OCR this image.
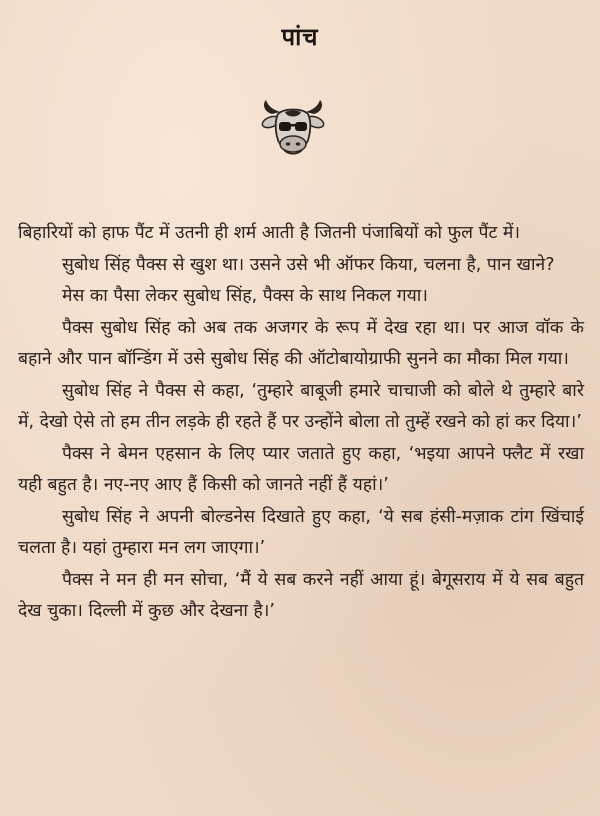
पांच

बिहारियों को हाफ पैंट में उतनी ही शर्म आती है जितनी पंजाबियों को फुल पैंट में।

सुबोध सिंह पैक्स से खुश था। उसने उसे भी ऑफर किया, चलना है, पान खाने?

मेस का पैसा लेकर सुबोध सिंह, पैक्स के साथ निकल गया।

पैक्स सुबोध सिंह को अब तक अजगर के रूप में देख रहा था। पर आज वॉक के बहाने और पान बॉन्डिंग में उसे सुबोध सिंह की ऑटोबायोग्राफी सुनने का मौका मिल गया।

सुबोध सिंह ने पैक्स से कहा, ‘तुम्हारे बाबूजी हमारे चाचाजी को बोले थे तुम्हारे बारे में, देखो ऐसे तो हम तीन लड़के ही रहते हैं पर उन्होंने बोला तो तुम्हें रखने को हां कर दिया।’

पैक्स ने बेमन एहसान के लिए प्यार जताते हुए कहा, ‘भइया आपने फ्लैट में रखा यही बहुत है। नए-नए आए हैं किसी को जानते नहीं हैं यहां।’

सुबोध सिंह ने अपनी बोल्डनेस दिखाते हुए कहा, ‘ये सब हंसी-मज़ाक टांग खिंचाई चलता है। यहां तुम्हारा मन लग जाएगा।’

पैक्स ने मन ही मन सोचा, ‘मैं ये सब करने नहीं आया हूं। बेगूसराय में ये सब बहुत देख चुका। दिल्ली में कुछ और देखना है।’
